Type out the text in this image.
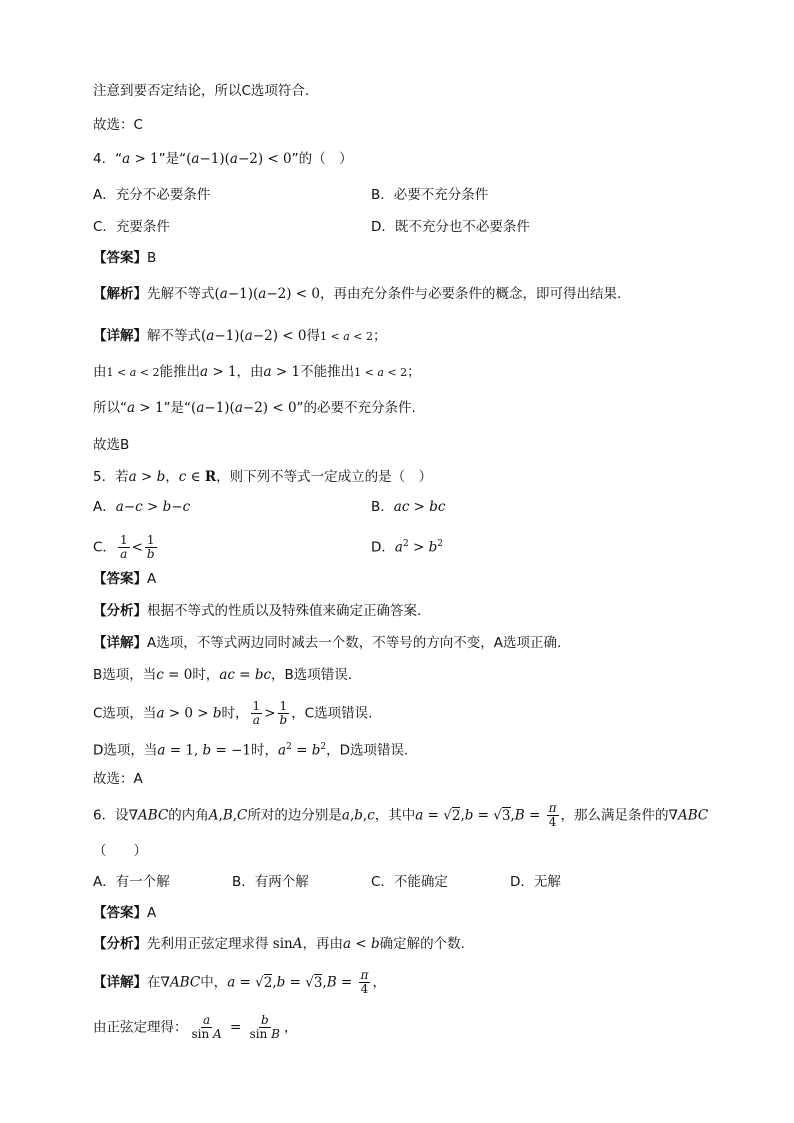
注意到要否定结论，所以C选项符合.
故选：C
4．“a > 1”是“(a−1)(a−2) < 0”的（　）
A．充分不必要条件	B．必要不充分条件
C．充要条件	D．既不充分也不必要条件
【答案】B
【解析】先解不等式(a−1)(a−2) < 0，再由充分条件与必要条件的概念，即可得出结果.
【详解】解不等式(a−1)(a−2) < 0得1 < a < 2；
由1 < a < 2能推出a > 1，由a > 1不能推出1 < a < 2；
所以“a > 1”是“(a−1)(a−2) < 0”的必要不充分条件.
故选B
5．若a > b，c ∈ R，则下列不等式一定成立的是（　）
A．a−c > b−c	B．ac > bc
C． $\frac{1}{a} < \frac{1}{b}$	D．$a^2 > b^2$
【答案】A
【分析】根据不等式的性质以及特殊值来确定正确答案.
【详解】A选项，不等式两边同时减去一个数，不等号的方向不变，A选项正确.
B选项，当c = 0时，ac = bc，B选项错误.
C选项，当a > 0 > b时， $\frac{1}{a} > \frac{1}{b}$ ，C选项错误.
D选项，当a = 1, b = −1时，$a^2 = b^2$，D选项错误.
故选：A
6．设∇ABC的内角A,B,C所对的边分别是a,b,c，其中$a = √2,b = √3,B = \frac{\pi}{4}$ ，那么满足条件的∇ABC
（　　）
A．有一个解	B．有两个解	C．不能确定	D．无解
【答案】A
【分析】先利用正弦定理求得 sinA，再由a < b确定解的个数.
【详解】在∇ABC中，$a = √2,b = √3,B = \frac{\pi}{4}$ ，
由正弦定理得： $\frac{a}{\text{sin A}} = \frac{b}{\text{sin B}}$ ，
